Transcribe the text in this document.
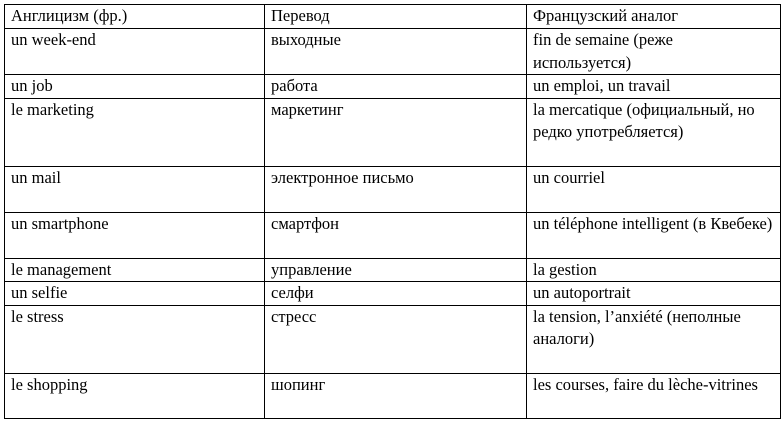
Англицизм (фр.)	Перевод	Французский аналог
un week-end	выходные	fin de semaine (реже используется)
un job	работа	un emploi, un travail
le marketing	маркетинг	la mercatique (официальный, но редко употребляется)
un mail	электронное письмо	un courriel
un smartphone	смартфон	un téléphone intelligent (в Квебеке)
le management	управление	la gestion
un selfie	селфи	un autoportrait
le stress	стресс	la tension, l’anxiété (неполные аналоги)
le shopping	шопинг	les courses, faire du lèche-vitrines
